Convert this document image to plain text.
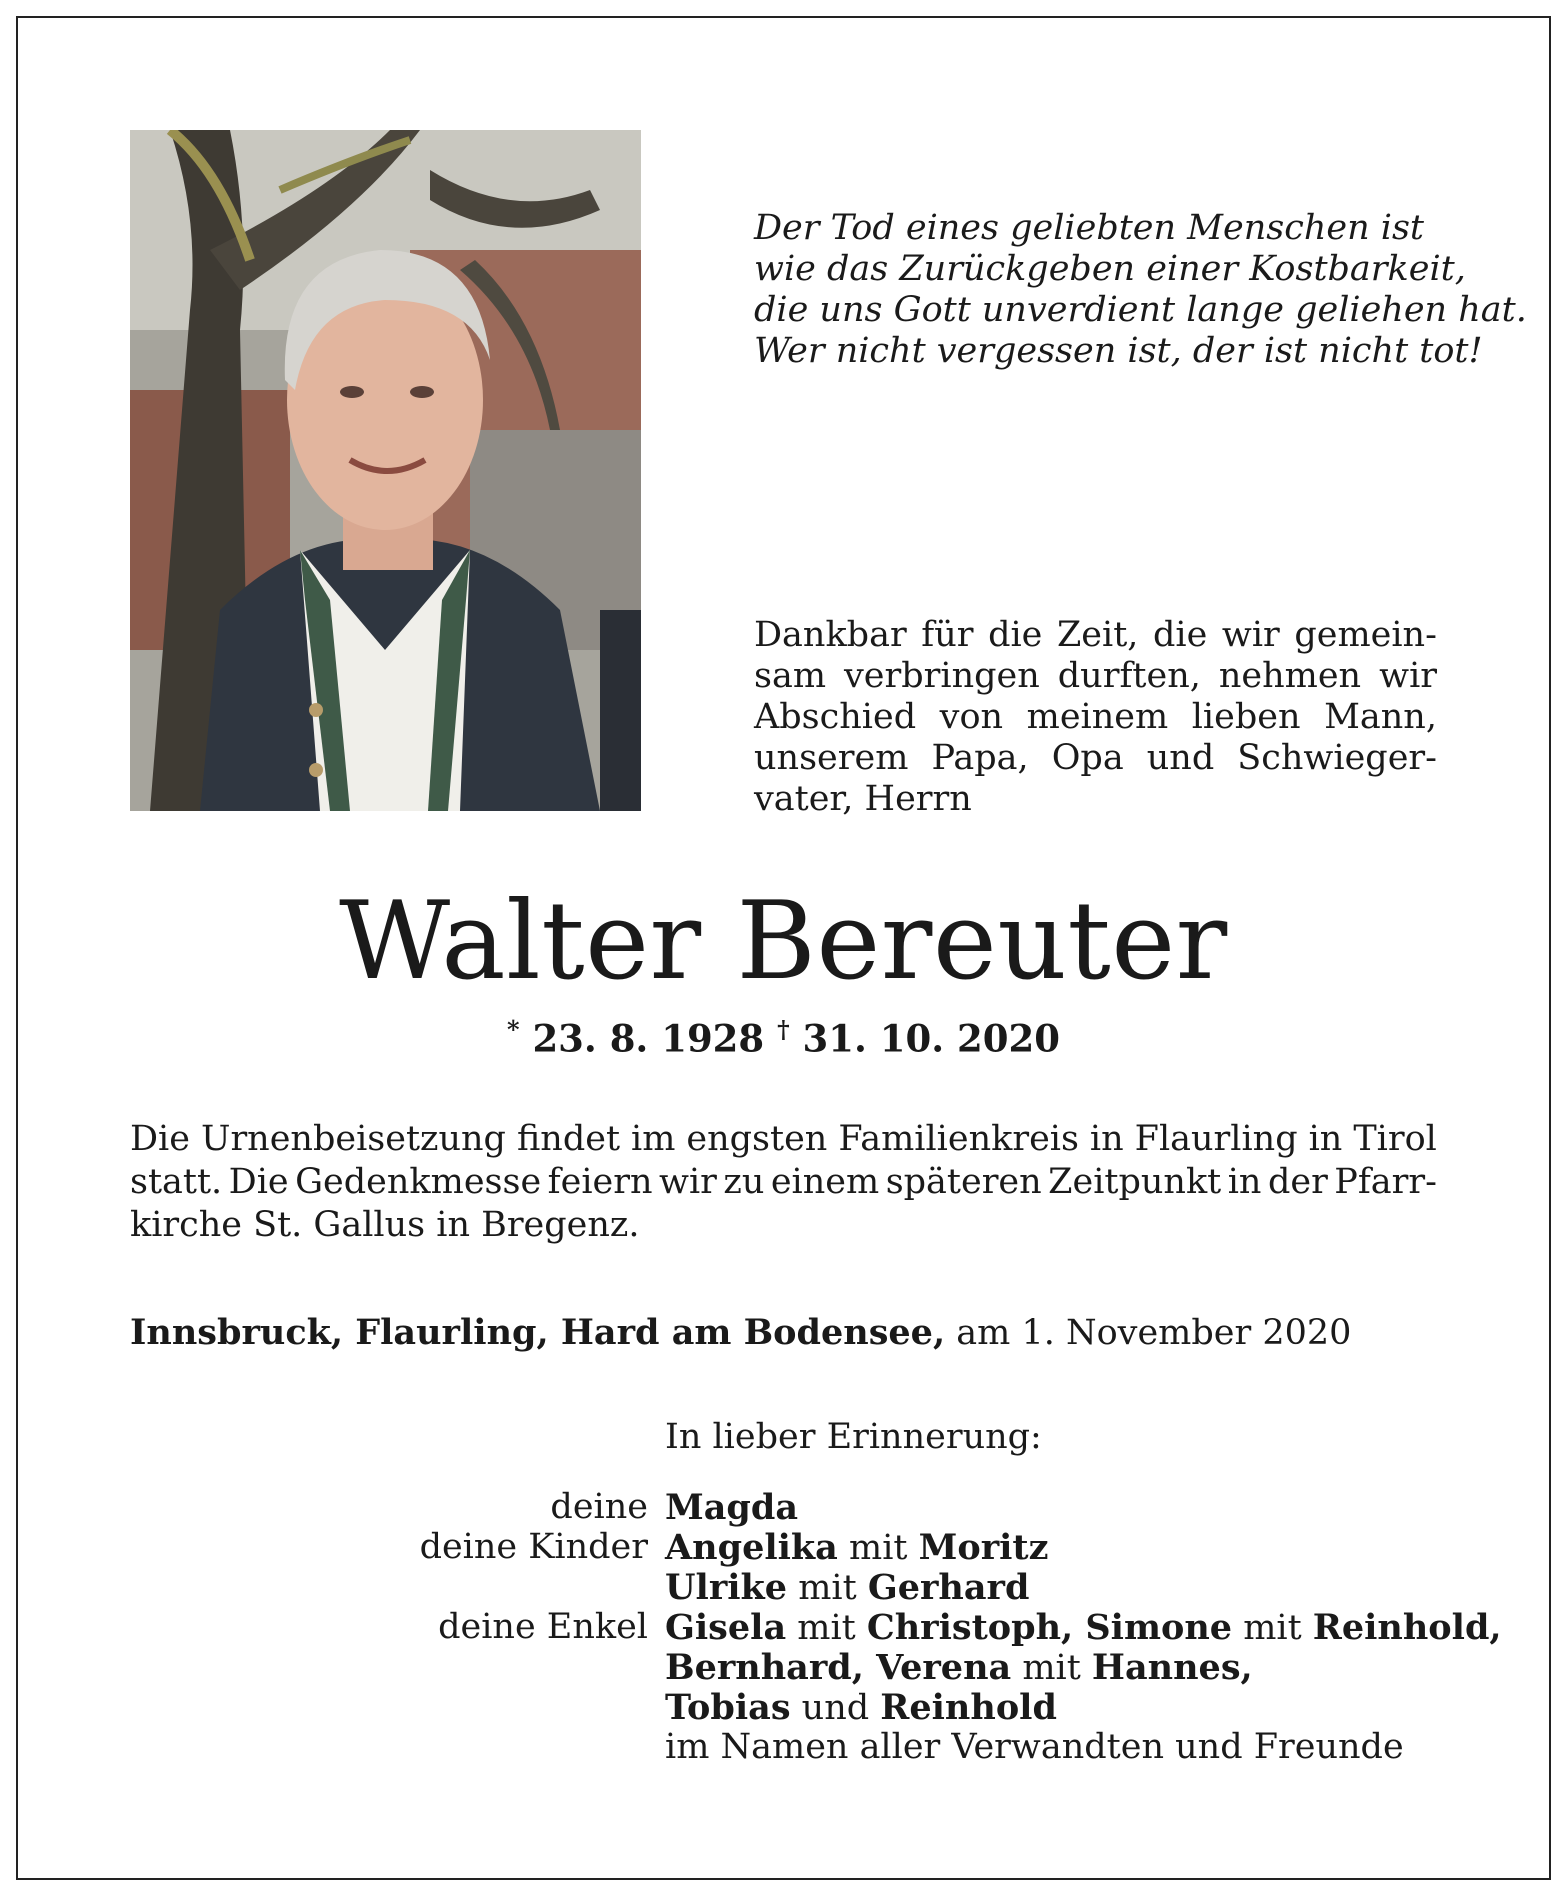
Der Tod eines geliebten Menschen ist
wie das Zurückgeben einer Kostbarkeit,
die uns Gott unverdient lange geliehen hat.
Wer nicht vergessen ist, der ist nicht tot!
Dankbar für die Zeit, die wir gemein-
sam verbringen durften, nehmen wir
Abschied von meinem lieben Mann,
unserem Papa, Opa und Schwieger-
vater, Herrn
Walter Bereuter
* 23. 8. 1928 † 31. 10. 2020
Die Urnenbeisetzung findet im engsten Familienkreis in Flaurling in Tirol
statt. Die Gedenkmesse feiern wir zu einem späteren Zeitpunkt in der Pfarr-
kirche St. Gallus in Bregenz.
Innsbruck, Flaurling, Hard am Bodensee, am 1. November 2020
In lieber Erinnerung:
deine Magda
deine Kinder Angelika mit Moritz
Ulrike mit Gerhard
deine Enkel Gisela mit Christoph, Simone mit Reinhold,
Bernhard, Verena mit Hannes,
Tobias und Reinhold
im Namen aller Verwandten und Freunde
